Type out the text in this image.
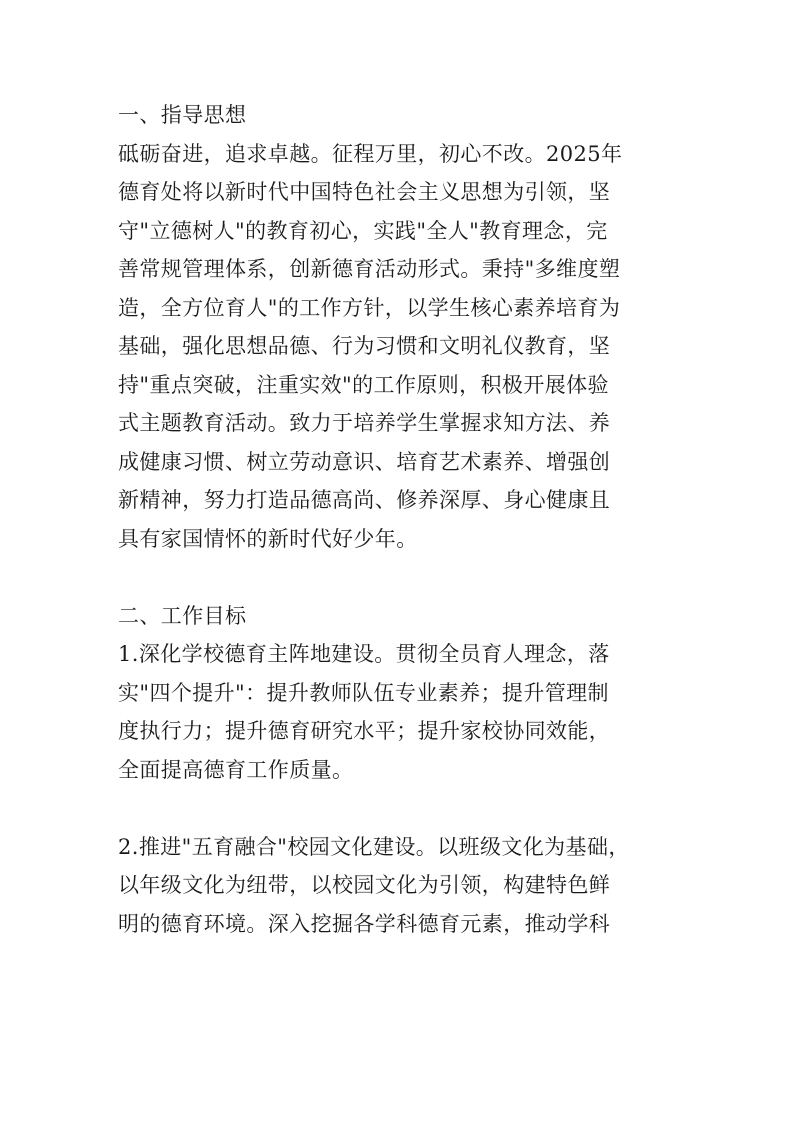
一、指导思想
砥砺奋进，追求卓越。征程万里，初心不改。2025年
德育处将以新时代中国特色社会主义思想为引领，坚
守"立德树人"的教育初心，实践"全人"教育理念，完
善常规管理体系，创新德育活动形式。秉持"多维度塑
造，全方位育人"的工作方针，以学生核心素养培育为
基础，强化思想品德、行为习惯和文明礼仪教育，坚
持"重点突破，注重实效"的工作原则，积极开展体验
式主题教育活动。致力于培养学生掌握求知方法、养
成健康习惯、树立劳动意识、培育艺术素养、增强创
新精神，努力打造品德高尚、修养深厚、身心健康且
具有家国情怀的新时代好少年。
二、工作目标
1.深化学校德育主阵地建设。贯彻全员育人理念，落
实"四个提升"：提升教师队伍专业素养；提升管理制
度执行力；提升德育研究水平；提升家校协同效能，
全面提高德育工作质量。
2.推进"五育融合"校园文化建设。以班级文化为基础，
以年级文化为纽带，以校园文化为引领，构建特色鲜
明的德育环境。深入挖掘各学科德育元素，推动学科
